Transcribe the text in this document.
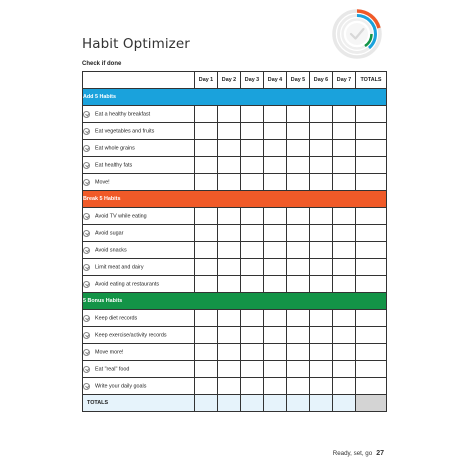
Habit Optimizer
Check if done
	Day 1	Day 2	Day 3	Day 4	Day 5	Day 6	Day 7	TOTALS
Add 5 Habits								
Eat a healthy breakfast								
Eat vegetables and fruits								
Eat whole grains								
Eat healthy fats								
Move!								
Break 5 Habits								
Avoid TV while eating								
Avoid sugar								
Avoid snacks								
Limit meat and dairy								
Avoid eating at restaurants								
5 Bonus Habits								
Keep diet records								
Keep exercise/activity records								
Move more!								
Eat "real" food								
Write your daily goals								
TOTALS								
Ready, set, go 27
